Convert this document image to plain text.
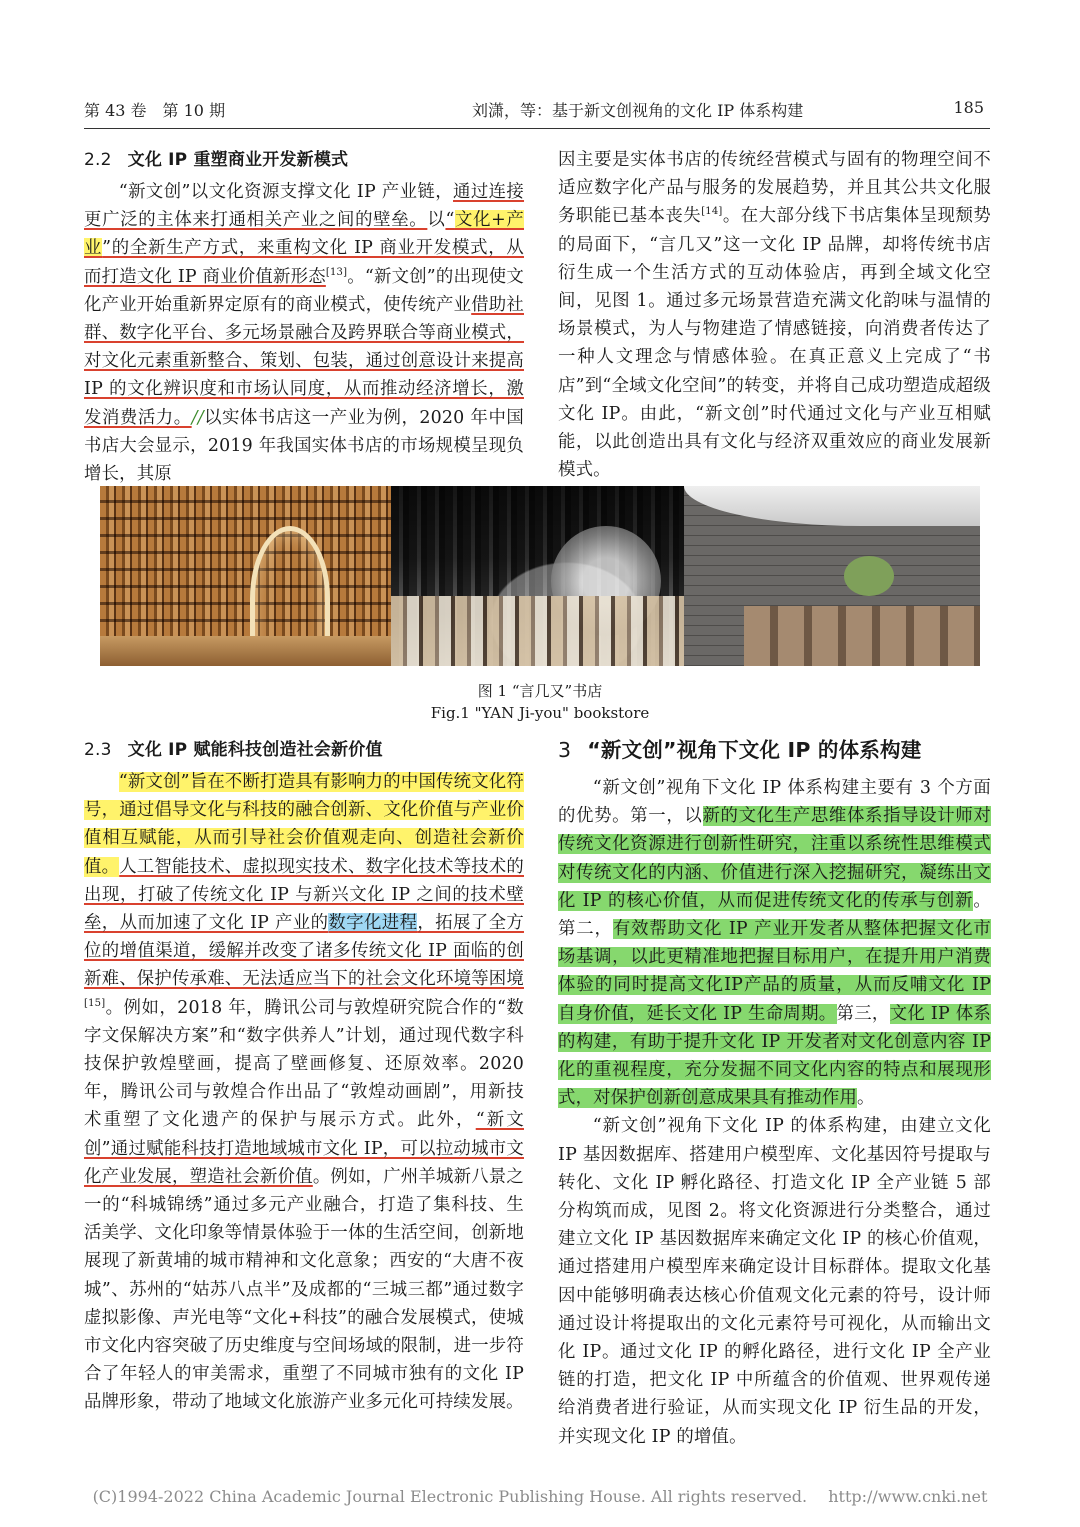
第 43 卷　第 10 期	刘潇，等：基于新文创视角的文化 IP 体系构建	185
2.2 文化 IP 重塑商业开发新模式

“新文创”以文化资源支撑文化 IP 产业链，通过连接更广泛的主体来打通相关产业之间的壁垒。以“文化+产业”的全新生产方式，来重构文化 IP 商业开发模式，从而打造文化 IP 商业价值新形态[13]。“新文创”的出现使文化产业开始重新界定原有的商业模式，使传统产业借助社群、数字化平台、多元场景融合及跨界联合等商业模式，对文化元素重新整合、策划、包装，通过创意设计来提高 IP 的文化辨识度和市场认同度，从而推动经济增长，激发消费活力。//以实体书店这一产业为例，2020 年中国书店大会显示，2019 年我国实体书店的市场规模呈现负增长，其原

因主要是实体书店的传统经营模式与固有的物理空间不适应数字化产品与服务的发展趋势，并且其公共文化服务职能已基本丧失[14]。在大部分线下书店集体呈现颓势的局面下，“言几又”这一文化 IP 品牌，却将传统书店衍生成一个生活方式的互动体验店，再到全域文化空间，见图 1。通过多元场景营造充满文化韵味与温情的场景模式，为人与物建造了情感链接，向消费者传达了一种人文理念与情感体验。在真正意义上完成了“书店”到“全域文化空间”的转变，并将自己成功塑造成超级文化 IP。由此，“新文创”时代通过文化与产业互相赋能，以此创造出具有文化与经济双重效应的商业发展新模式。

图 1 “言几又”书店
Fig.1 "YAN Ji-you" bookstore
2.3 文化 IP 赋能科技创造社会新价值

“新文创”旨在不断打造具有影响力的中国传统文化符号，通过倡导文化与科技的融合创新、文化价值与产业价值相互赋能，从而引导社会价值观走向、创造社会新价值。人工智能技术、虚拟现实技术、数字化技术等技术的出现，打破了传统文化 IP 与新兴文化 IP 之间的技术壁垒，从而加速了文化 IP 产业的数字化进程，拓展了全方位的增值渠道，缓解并改变了诸多传统文化 IP 面临的创新难、保护传承难、无法适应当下的社会文化环境等困境[15]。例如，2018 年，腾讯公司与敦煌研究院合作的“数字文保解决方案”和“数字供养人”计划，通过现代数字科技保护敦煌壁画，提高了壁画修复、还原效率。2020 年，腾讯公司与敦煌合作出品了“敦煌动画剧”，用新技术重塑了文化遗产的保护与展示方式。此外，“新文创”通过赋能科技打造地域城市文化 IP，可以拉动城市文化产业发展，塑造社会新价值。例如，广州羊城新八景之一的“科城锦绣”通过多元产业融合，打造了集科技、生活美学、文化印象等情景体验于一体的生活空间，创新地展现了新黄埔的城市精神和文化意象；西安的“大唐不夜城”、苏州的“姑苏八点半”及成都的“三城三都”通过数字虚拟影像、声光电等“文化+科技”的融合发展模式，使城市文化内容突破了历史维度与空间场域的限制，进一步符合了年轻人的审美需求，重塑了不同城市独有的文化 IP 品牌形象，带动了地域文化旅游产业多元化可持续发展。

3 “新文创”视角下文化 IP 的体系构建

“新文创”视角下文化 IP 体系构建主要有 3 个方面的优势。第一，以新的文化生产思维体系指导设计师对传统文化资源进行创新性研究，注重以系统性思维模式对传统文化的内涵、价值进行深入挖掘研究，凝练出文化 IP 的核心价值，从而促进传统文化的传承与创新。第二，有效帮助文化 IP 产业开发者从整体把握文化市场基调，以此更精准地把握目标用户，在提升用户消费体验的同时提高文化IP产品的质量，从而反哺文化 IP 自身价值，延长文化 IP 生命周期。第三，文化 IP 体系的构建，有助于提升文化 IP 开发者对文化创意内容 IP 化的重视程度，充分发掘不同文化内容的特点和展现形式，对保护创新创意成果具有推动作用。

“新文创”视角下文化 IP 的体系构建，由建立文化 IP 基因数据库、搭建用户模型库、文化基因符号提取与转化、文化 IP 孵化路径、打造文化 IP 全产业链 5 部分构筑而成，见图 2。将文化资源进行分类整合，通过建立文化 IP 基因数据库来确定文化 IP 的核心价值观，通过搭建用户模型库来确定设计目标群体。提取文化基因中能够明确表达核心价值观文化元素的符号，设计师通过设计将提取出的文化元素符号可视化，从而输出文化 IP。通过文化 IP 的孵化路径，进行文化 IP 全产业链的打造，把文化 IP 中所蕴含的价值观、世界观传递给消费者进行验证，从而实现文化 IP 衍生品的开发，并实现文化 IP 的增值。

(C)1994-2022 China Academic Journal Electronic Publishing House. All rights reserved. http://www.cnki.net
